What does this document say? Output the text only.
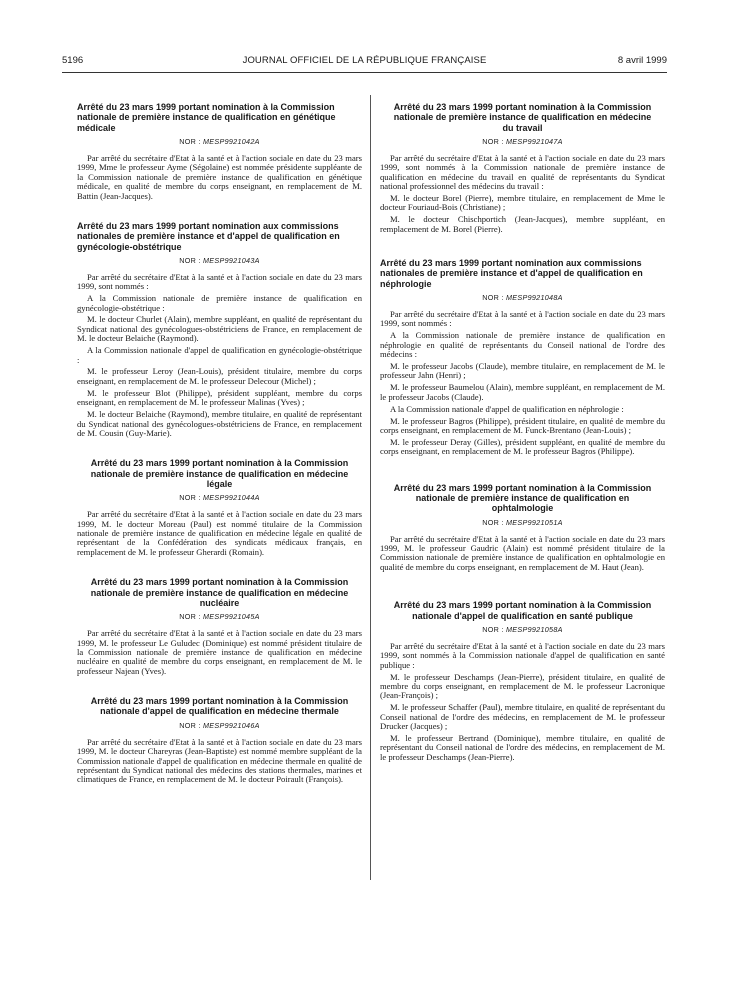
5196	JOURNAL OFFICIEL DE LA RÉPUBLIQUE FRANÇAISE	8 avril 1999
Arrêté du 23 mars 1999 portant nomination à la Commission nationale de première instance de qualification en génétique médicale
NOR : MESP9921042A

Par arrêté du secrétaire d'Etat à la santé et à l'action sociale en date du 23 mars 1999, Mme le professeur Ayme (Ségolaine) est nommée présidente suppléante de la Commission nationale de première instance de qualification en génétique médicale, en qualité de membre du corps enseignant, en remplacement de M. Battin (Jean-Jacques).

Arrêté du 23 mars 1999 portant nomination aux commissions nationales de première instance et d'appel de qualification en gynécologie-obstétrique
NOR : MESP9921043A

Par arrêté du secrétaire d'Etat à la santé et à l'action sociale en date du 23 mars 1999, sont nommés :

A la Commission nationale de première instance de qualification en gynécologie-obstétrique :

M. le docteur Churlet (Alain), membre suppléant, en qualité de représentant du Syndicat national des gynécologues-obstétriciens de France, en remplacement de M. le docteur Belaiche (Raymond).

A la Commission nationale d'appel de qualification en gynécologie-obstétrique :

M. le professeur Leroy (Jean-Louis), président titulaire, membre du corps enseignant, en remplacement de M. le professeur Delecour (Michel) ;

M. le professeur Blot (Philippe), président suppléant, membre du corps enseignant, en remplacement de M. le professeur Malinas (Yves) ;

M. le docteur Belaiche (Raymond), membre titulaire, en qualité de représentant du Syndicat national des gynécologues-obstétriciens de France, en remplacement de M. Cousin (Guy-Marie).

Arrêté du 23 mars 1999 portant nomination à la Commission nationale de première instance de qualification en médecine légale
NOR : MESP9921044A

Par arrêté du secrétaire d'Etat à la santé et à l'action sociale en date du 23 mars 1999, M. le docteur Moreau (Paul) est nommé titulaire de la Commission nationale de première instance de qualification en médecine légale en qualité de représentant de la Confédération des syndicats médicaux français, en remplacement de M. le professeur Gherardi (Romain).

Arrêté du 23 mars 1999 portant nomination à la Commission nationale de première instance de qualification en médecine nucléaire
NOR : MESP9921045A

Par arrêté du secrétaire d'Etat à la santé et à l'action sociale en date du 23 mars 1999, M. le professeur Le Guludec (Dominique) est nommé président titulaire de la Commission nationale de première instance de qualification en médecine nucléaire en qualité de membre du corps enseignant, en remplacement de M. le professeur Najean (Yves).

Arrêté du 23 mars 1999 portant nomination à la Commission nationale d'appel de qualification en médecine thermale
NOR : MESP9921046A

Par arrêté du secrétaire d'Etat à la santé et à l'action sociale en date du 23 mars 1999, M. le docteur Chareyras (Jean-Baptiste) est nommé membre suppléant de la Commission nationale d'appel de qualification en médecine thermale en qualité de représentant du Syndicat national des médecins des stations thermales, marines et climatiques de France, en remplacement de M. le docteur Poirault (François).

Arrêté du 23 mars 1999 portant nomination à la Commission nationale de première instance de qualification en médecine du travail
NOR : MESP9921047A

Par arrêté du secrétaire d'Etat à la santé et à l'action sociale en date du 23 mars 1999, sont nommés à la Commission nationale de première instance de qualification en médecine du travail en qualité de représentants du Syndicat national professionnel des médecins du travail :

M. le docteur Borel (Pierre), membre titulaire, en remplacement de Mme le docteur Fouriaud-Bois (Christiane) ;

M. le docteur Chischportich (Jean-Jacques), membre suppléant, en remplacement de M. Borel (Pierre).

Arrêté du 23 mars 1999 portant nomination aux commissions nationales de première instance et d'appel de qualification en néphrologie
NOR : MESP9921048A

Par arrêté du secrétaire d'Etat à la santé et à l'action sociale en date du 23 mars 1999, sont nommés :

A la Commission nationale de première instance de qualification en néphrologie en qualité de représentants du Conseil national de l'ordre des médecins :

M. le professeur Jacobs (Claude), membre titulaire, en remplacement de M. le professeur Jahn (Henri) ;

M. le professeur Baumelou (Alain), membre suppléant, en remplacement de M. le professeur Jacobs (Claude).

A la Commission nationale d'appel de qualification en néphrologie :

M. le professeur Bagros (Philippe), président titulaire, en qualité de membre du corps enseignant, en remplacement de M. Funck-Brentano (Jean-Louis) ;

M. le professeur Deray (Gilles), président suppléant, en qualité de membre du corps enseignant, en remplacement de M. le professeur Bagros (Philippe).

Arrêté du 23 mars 1999 portant nomination à la Commission nationale de première instance de qualification en ophtalmologie
NOR : MESP9921051A

Par arrêté du secrétaire d'Etat à la santé et à l'action sociale en date du 23 mars 1999, M. le professeur Gaudric (Alain) est nommé président titulaire de la Commission nationale de première instance de qualification en ophtalmologie en qualité de membre du corps enseignant, en remplacement de M. Haut (Jean).

Arrêté du 23 mars 1999 portant nomination à la Commission nationale d'appel de qualification en santé publique
NOR : MESP9921058A

Par arrêté du secrétaire d'Etat à la santé et à l'action sociale en date du 23 mars 1999, sont nommés à la Commission nationale d'appel de qualification en santé publique :

M. le professeur Deschamps (Jean-Pierre), président titulaire, en qualité de membre du corps enseignant, en remplacement de M. le professeur Lacronique (Jean-François) ;

M. le professeur Schaffer (Paul), membre titulaire, en qualité de représentant du Conseil national de l'ordre des médecins, en remplacement de M. le professeur Drucker (Jacques) ;

M. le professeur Bertrand (Dominique), membre titulaire, en qualité de représentant du Conseil national de l'ordre des médecins, en remplacement de M. le professeur Deschamps (Jean-Pierre).
